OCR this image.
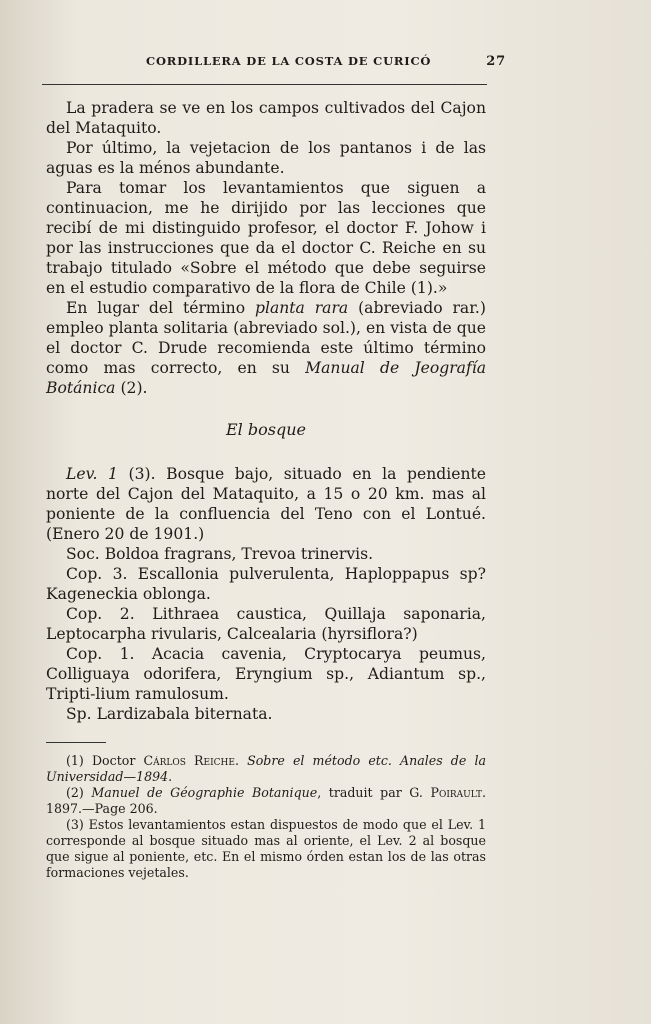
CORDILLERA DE LA COSTA DE CURICÓ	27

La pradera se ve en los campos cultivados del Cajon del Mataquito.

Por último, la vejetacion de los pantanos i de las aguas es la ménos abundante.

Para tomar los levantamientos que siguen a continuacion, me he dirijido por las lecciones que recibí de mi distinguido profesor, el doctor F. Johow i por las instrucciones que da el doctor C. Reiche en su trabajo titulado «Sobre el método que debe seguirse en el estudio comparativo de la flora de Chile (1).»

En lugar del término planta rara (abreviado rar.) empleo planta solitaria (abreviado sol.), en vista de que el doctor C. Drude recomienda este último término como mas correcto, en su Manual de Jeografía Botánica (2).

El bosque

Lev. 1 (3). Bosque bajo, situado en la pendiente norte del Cajon del Mataquito, a 15 o 20 km. mas al poniente de la confluencia del Teno con el Lontué. (Enero 20 de 1901.)

Soc. Boldoa fragrans, Trevoa trinervis.

Cop. 3. Escallonia pulverulenta, Haploppapus sp? Kageneckia oblonga.

Cop. 2. Lithraea caustica, Quillaja saponaria, Leptocarpha rivularis, Calcealaria (hyrsiflora?)

Cop. 1. Acacia cavenia, Cryptocarya peumus, Colliguaya odorifera, Eryngium sp., Adiantum sp., Tripti-lium ramulosum.

Sp. Lardizabala biternata.

(1) Doctor Cárlos Reiche. Sobre el método etc. Anales de la Universidad—1894.

(2) Manuel de Géographie Botanique, traduit par G. Poirault. 1897.—Page 206.

(3) Estos levantamientos estan dispuestos de modo que el Lev. 1 corresponde al bosque situado mas al oriente, el Lev. 2 al bosque que sigue al poniente, etc. En el mismo órden estan los de las otras formaciones vejetales.
